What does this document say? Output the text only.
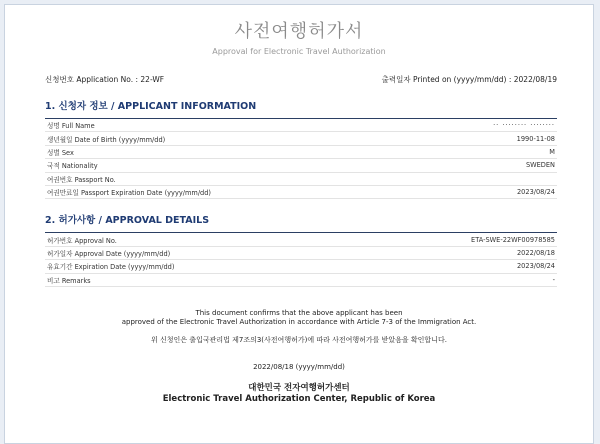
사전여행허가서
Approval for Electronic Travel Authorization
신청번호 Application No. : 22-WF	출력일자 Printed on (yyyy/mm/dd) : 2022/08/19
1. 신청자 정보 / APPLICANT INFORMATION
성명 Full Name	·· ········ ········
생년월일 Date of Birth (yyyy/mm/dd)	1990-11-08
성별 Sex	M
국적 Nationality	SWEDEN
여권번호 Passport No.
여권만료일 Passport Expiration Date (yyyy/mm/dd)	2023/08/24
2. 허가사항 / APPROVAL DETAILS
허가번호 Approval No.	ETA-SWE-22WF00978585
허가일자 Approval Date (yyyy/mm/dd)	2022/08/18
유효기간 Expiration Date (yyyy/mm/dd)	2023/08/24
비고 Remarks	-
This document confirms that the above applicant has been
approved of the Electronic Travel Authorization in accordance with Article 7-3 of the Immigration Act.
위 신청인은 출입국관리법 제7조의3(사전여행허가)에 따라 사전여행허가를 받았음을 확인합니다.
2022/08/18 (yyyy/mm/dd)
대한민국 전자여행허가센터
Electronic Travel Authorization Center, Republic of Korea
